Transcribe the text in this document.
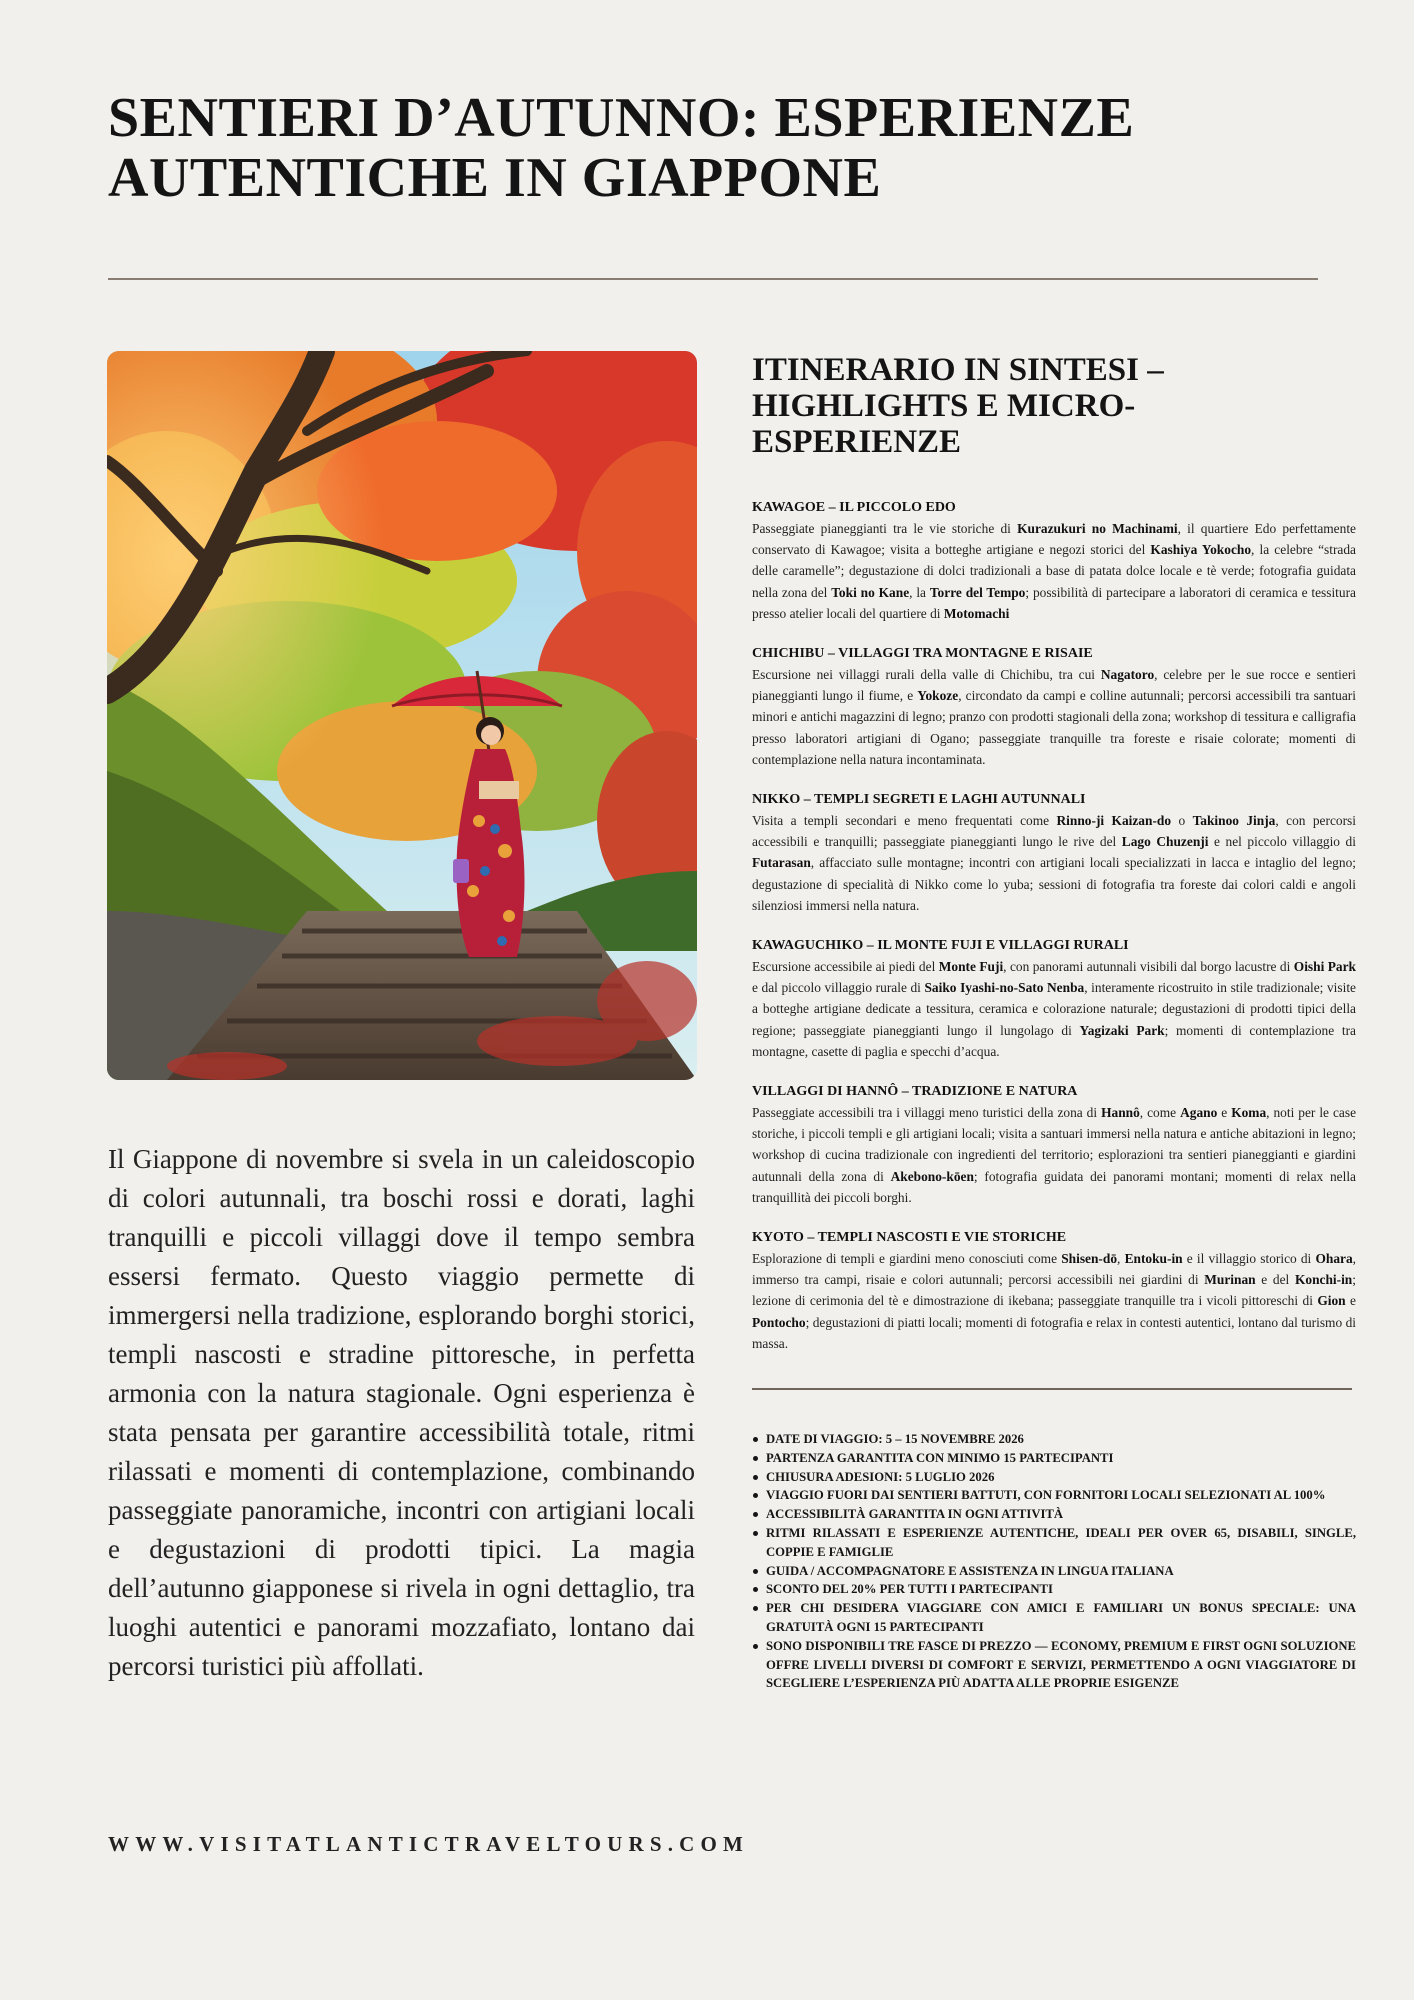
SENTIERI D’AUTUNNO: ESPERIENZE AUTENTICHE IN GIAPPONE

Il Giappone di novembre si svela in un caleidoscopio di colori autunnali, tra boschi rossi e dorati, laghi tranquilli e piccoli villaggi dove il tempo sembra essersi fermato. Questo viaggio permette di immergersi nella tradizione, esplorando borghi storici, templi nascosti e stradine pittoresche, in perfetta armonia con la natura stagionale. Ogni esperienza è stata pensata per garantire accessibilità totale, ritmi rilassati e momenti di contemplazione, combinando passeggiate panoramiche, incontri con artigiani locali e degustazioni di prodotti tipici. La magia dell’autunno giapponese si rivela in ogni dettaglio, tra luoghi autentici e panorami mozzafiato, lontano dai percorsi turistici più affollati.

WWW.VISITATLANTICTRAVELTOURS.COM
ITINERARIO IN SINTESI – HIGHLIGHTS E MICRO-ESPERIENZE

KAWAGOE – IL PICCOLO EDO

Passeggiate pianeggianti tra le vie storiche di Kurazukuri no Machinami, il quartiere Edo perfettamente conservato di Kawagoe; visita a botteghe artigiane e negozi storici del Kashiya Yokocho, la celebre “strada delle caramelle”; degustazione di dolci tradizionali a base di patata dolce locale e tè verde; fotografia guidata nella zona del Toki no Kane, la Torre del Tempo; possibilità di partecipare a laboratori di ceramica e tessitura presso atelier locali del quartiere di Motomachi

CHICHIBU – VILLAGGI TRA MONTAGNE E RISAIE

Escursione nei villaggi rurali della valle di Chichibu, tra cui Nagatoro, celebre per le sue rocce e sentieri pianeggianti lungo il fiume, e Yokoze, circondato da campi e colline autunnali; percorsi accessibili tra santuari minori e antichi magazzini di legno; pranzo con prodotti stagionali della zona; workshop di tessitura e calligrafia presso laboratori artigiani di Ogano; passeggiate tranquille tra foreste e risaie colorate; momenti di contemplazione nella natura incontaminata.

NIKKO – TEMPLI SEGRETI E LAGHI AUTUNNALI

Visita a templi secondari e meno frequentati come Rinno-ji Kaizan-do o Takinoo Jinja, con percorsi accessibili e tranquilli; passeggiate pianeggianti lungo le rive del Lago Chuzenji e nel piccolo villaggio di Futarasan, affacciato sulle montagne; incontri con artigiani locali specializzati in lacca e intaglio del legno; degustazione di specialità di Nikko come lo yuba; sessioni di fotografia tra foreste dai colori caldi e angoli silenziosi immersi nella natura.

KAWAGUCHIKO – IL MONTE FUJI E VILLAGGI RURALI

Escursione accessibile ai piedi del Monte Fuji, con panorami autunnali visibili dal borgo lacustre di Oishi Park e dal piccolo villaggio rurale di Saiko Iyashi-no-Sato Nenba, interamente ricostruito in stile tradizionale; visite a botteghe artigiane dedicate a tessitura, ceramica e colorazione naturale; degustazioni di prodotti tipici della regione; passeggiate pianeggianti lungo il lungolago di Yagizaki Park; momenti di contemplazione tra montagne, casette di paglia e specchi d’acqua.

VILLAGGI DI HANNÔ – TRADIZIONE E NATURA

Passeggiate accessibili tra i villaggi meno turistici della zona di Hannô, come Agano e Koma, noti per le case storiche, i piccoli templi e gli artigiani locali; visita a santuari immersi nella natura e antiche abitazioni in legno; workshop di cucina tradizionale con ingredienti del territorio; esplorazioni tra sentieri pianeggianti e giardini autunnali della zona di Akebono-kōen; fotografia guidata dei panorami montani; momenti di relax nella tranquillità dei piccoli borghi.

KYOTO – TEMPLI NASCOSTI E VIE STORICHE

Esplorazione di templi e giardini meno conosciuti come Shisen-dō, Entoku-in e il villaggio storico di Ohara, immerso tra campi, risaie e colori autunnali; percorsi accessibili nei giardini di Murinan e del Konchi-in; lezione di cerimonia del tè e dimostrazione di ikebana; passeggiate tranquille tra i vicoli pittoreschi di Gion e Pontocho; degustazioni di piatti locali; momenti di fotografia e relax in contesti autentici, lontano dal turismo di massa.

DATE DI VIAGGIO: 5 – 15 NOVEMBRE 2026
PARTENZA GARANTITA CON MINIMO 15 PARTECIPANTI
CHIUSURA ADESIONI: 5 LUGLIO 2026
VIAGGIO FUORI DAI SENTIERI BATTUTI, CON FORNITORI LOCALI SELEZIONATI AL 100%
ACCESSIBILITÀ GARANTITA IN OGNI ATTIVITÀ
RITMI RILASSATI E ESPERIENZE AUTENTICHE, IDEALI PER OVER 65, DISABILI, SINGLE, COPPIE E FAMIGLIE
GUIDA / ACCOMPAGNATORE E ASSISTENZA IN LINGUA ITALIANA
SCONTO DEL 20% PER TUTTI I PARTECIPANTI
PER CHI DESIDERA VIAGGIARE CON AMICI E FAMILIARI UN BONUS SPECIALE: UNA GRATUITÀ OGNI 15 PARTECIPANTI
SONO DISPONIBILI TRE FASCE DI PREZZO — ECONOMY, PREMIUM E FIRST OGNI SOLUZIONE OFFRE LIVELLI DIVERSI DI COMFORT E SERVIZI, PERMETTENDO A OGNI VIAGGIATORE DI SCEGLIERE L’ESPERIENZA PIÙ ADATTA ALLE PROPRIE ESIGENZE
